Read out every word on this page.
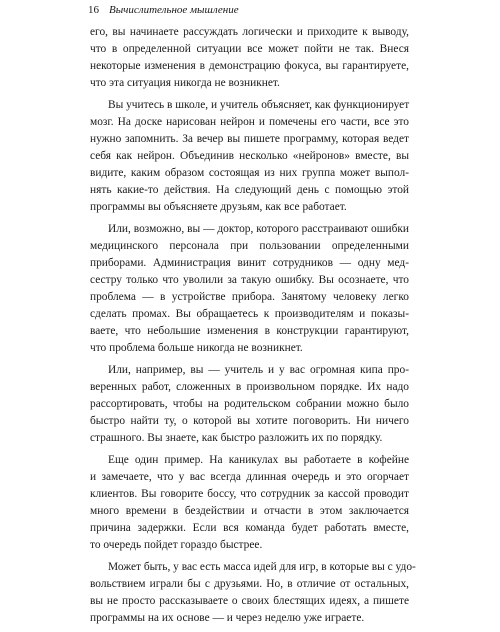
16 Вычислительное мышление
его, вы начинаете рассуждать логически и приходите к выводу,
что в определенной ситуации все может пойти не так. Внеся
некоторые изменения в демонстрацию фокуса, вы гарантируете,
что эта ситуация никогда не возникнет.
Вы учитесь в школе, и учитель объясняет, как функционирует
мозг. На доске нарисован нейрон и помечены его части, все это
нужно запомнить. За вечер вы пишете программу, которая ведет
себя как нейрон. Объединив несколько «нейронов» вместе, вы
видите, каким образом состоящая из них группа может выпол-
нять какие-то действия. На следующий день с помощью этой
программы вы объясняете друзьям, как все работает.
Или, возможно, вы — доктор, которого расстраивают ошибки
медицинского персонала при пользовании определенными
приборами. Администрация винит сотрудников — одну мед-
сестру только что уволили за такую ошибку. Вы осознаете, что
проблема — в устройстве прибора. Занятому человеку легко
сделать промах. Вы обращаетесь к производителям и показы-
ваете, что небольшие изменения в конструкции гарантируют,
что проблема больше никогда не возникнет.
Или, например, вы — учитель и у вас огромная кипа про-
веренных работ, сложенных в произвольном порядке. Их надо
рассортировать, чтобы на родительском собрании можно было
быстро найти ту, о которой вы хотите поговорить. Ни ничего
страшного. Вы знаете, как быстро разложить их по порядку.
Еще один пример. На каникулах вы работаете в кофейне
и замечаете, что у вас всегда длинная очередь и это огорчает
клиентов. Вы говорите боссу, что сотрудник за кассой проводит
много времени в бездействии и отчасти в этом заключается
причина задержки. Если вся команда будет работать вместе,
то очередь пойдет гораздо быстрее.
Может быть, у вас есть масса идей для игр, в которые вы с удо-
вольствием играли бы с друзьями. Но, в отличие от остальных,
вы не просто рассказываете о своих блестящих идеях, а пишете
программы на их основе — и через неделю уже играете.
